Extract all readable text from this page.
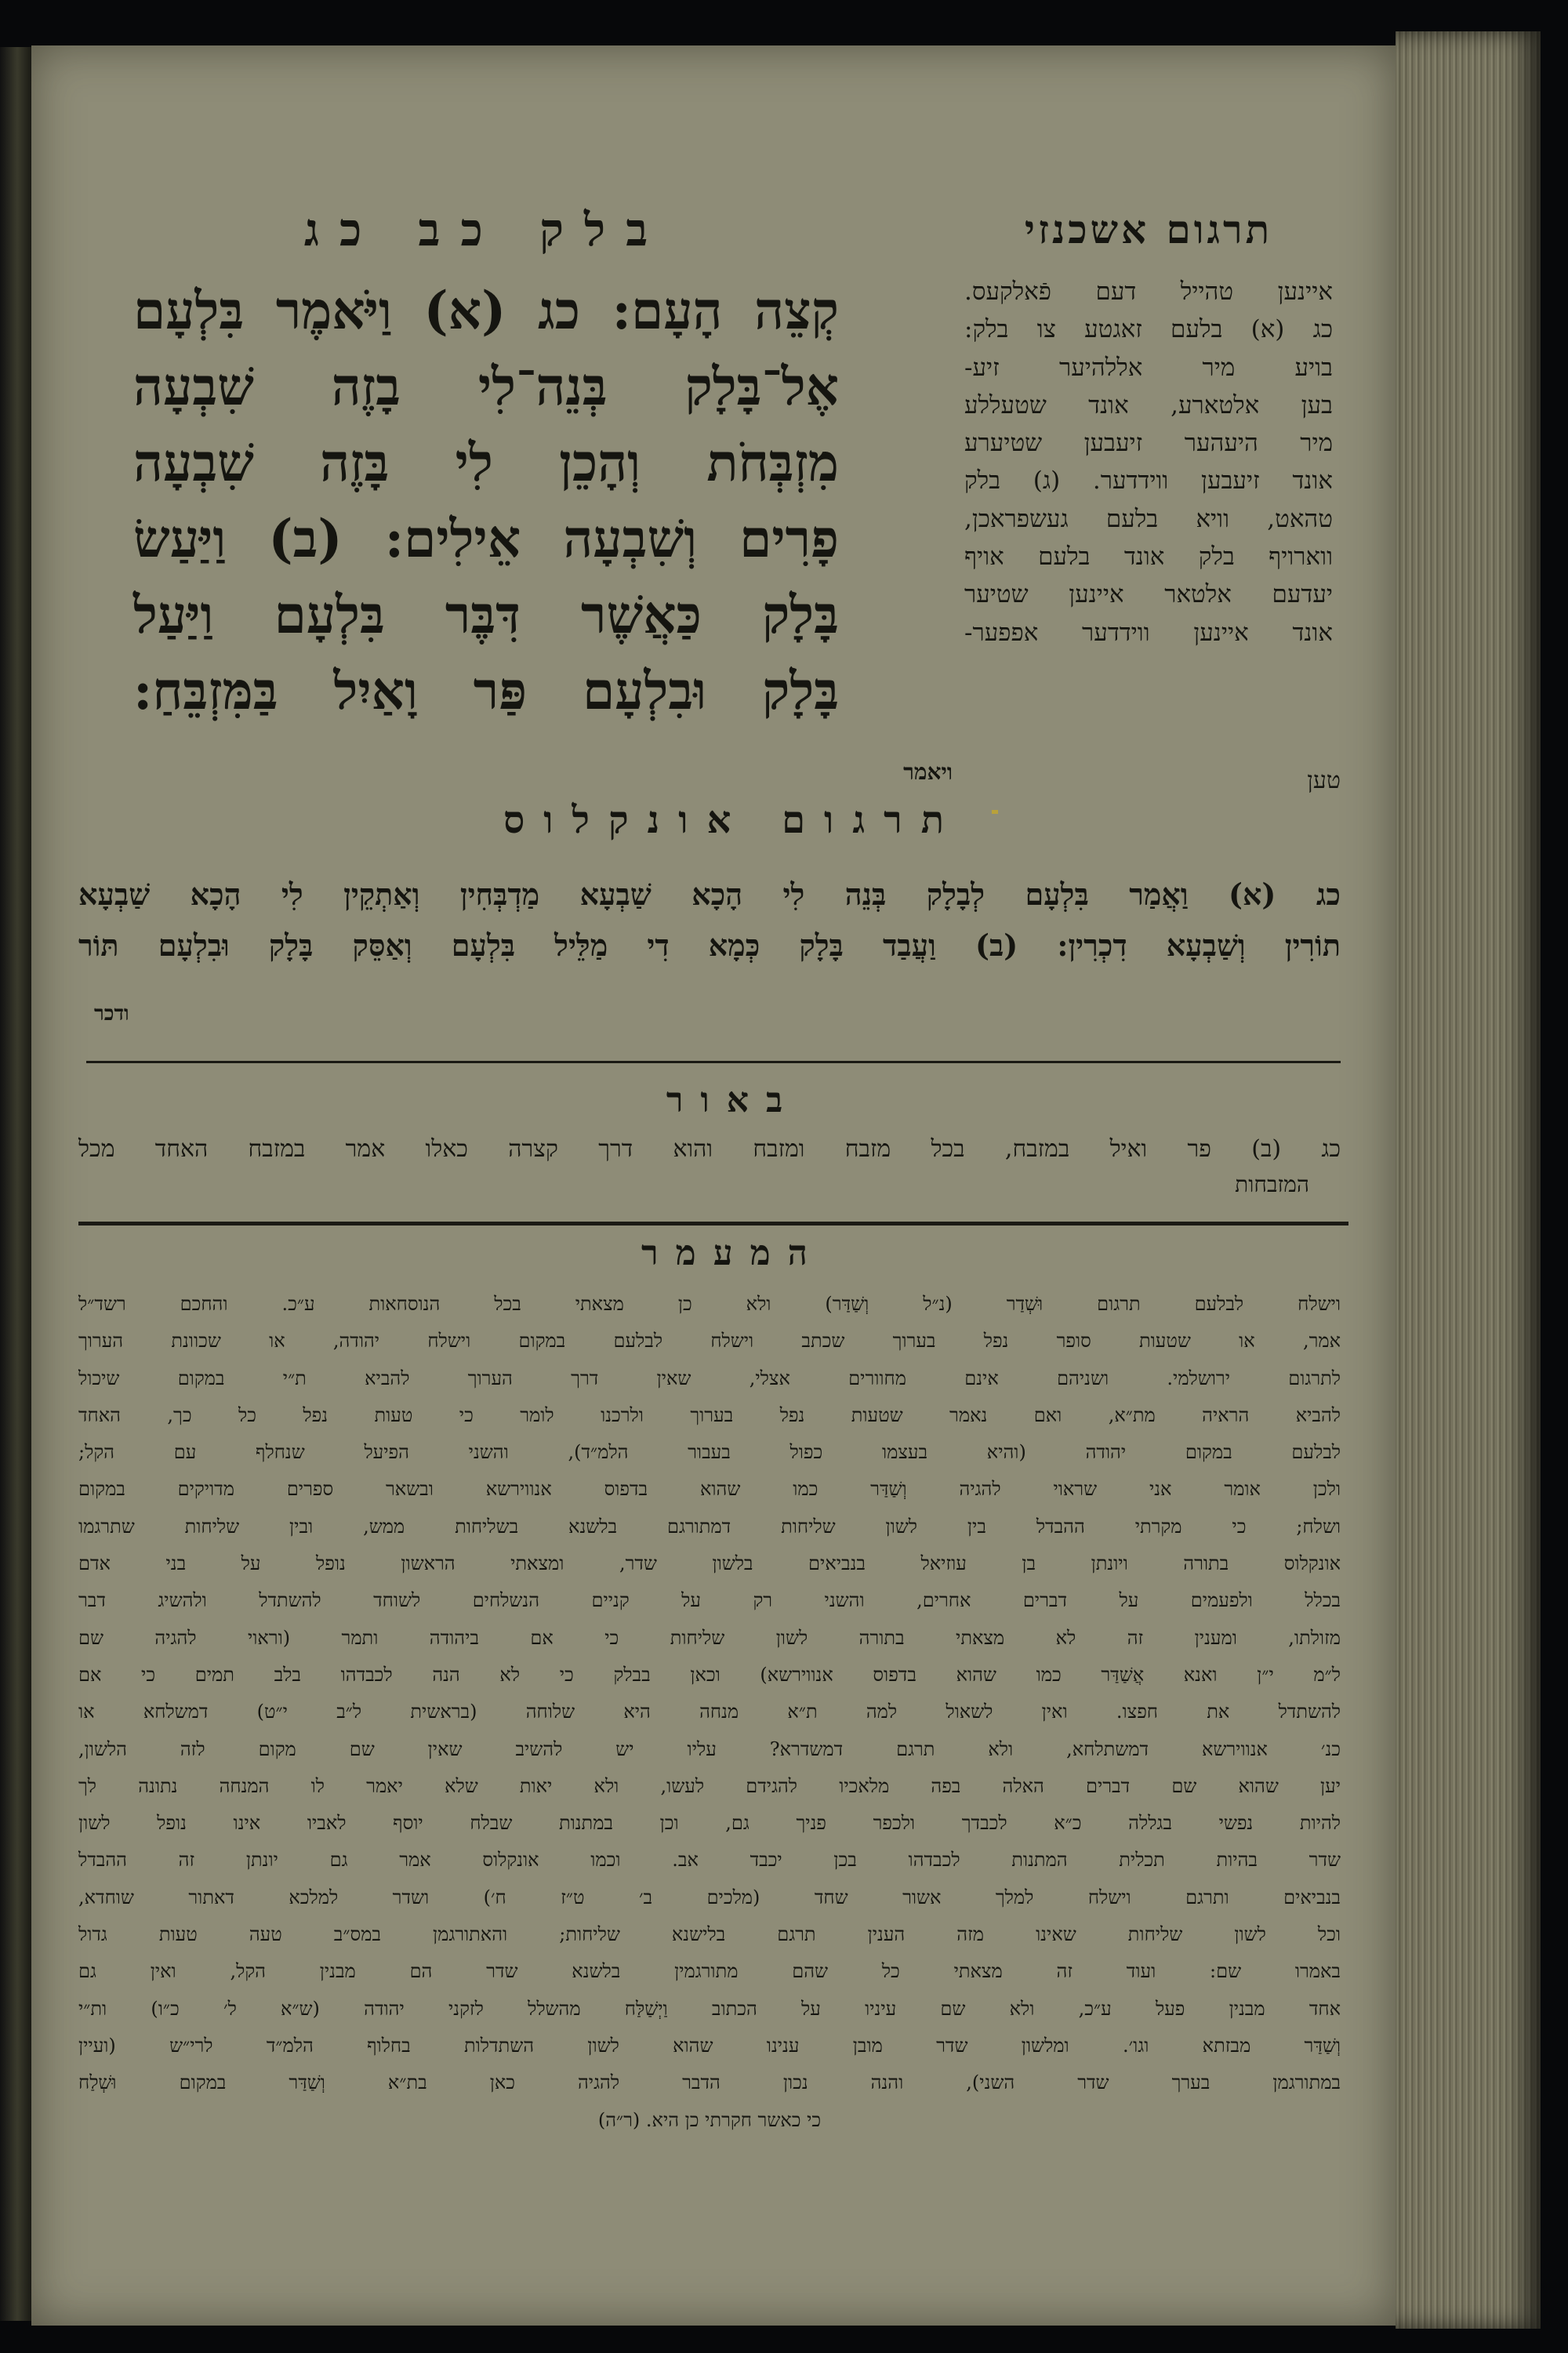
תרגום אשכנזי
איינען טהייל דעם פֿאלקעס.
כג (א) בלעם זאגטע צו בלק:
בויע מיר אללהיער זיע-
בען אלטארע, אונד שטעללע
מיר היעהער זיעבען שטיערע
אונד זיעבען ווידדער. (ג) בלק
טהאט, וויא בלעם געשפראכן,
ווארויף בלק אונד בלעם אויף
יעדעם אלטאר איינען שטיער
אונד איינען ווידדער אפפער-
טען
בלק כב כג
קְצֵה הָעָם: כג (א) וַיֹּאמֶר בִּלְעָם
אֶל־בָּלָק בְּנֵה־לִי בָזֶה שִׁבְעָה
מִזְבְּחֹת וְהָכֵן לִי בָּזֶה שִׁבְעָה
פָרִים וְשִׁבְעָה אֵילִים: (ב) וַיַּעַשׂ
בָּלָק כַּאֲשֶׁר דִּבֶּר בִּלְעָם וַיַּעַל
בָּלָק וּבִלְעָם פַּר וָאַיִל בַּמִּזְבֵּחַ:
ויאמר
תרגום אונקלוס
כג (א) וַאֲמַר בִּלְעָם לְבָלָק בְּנֵה לִי הָכָא שַׁבְעָא מַדְבְּחִין וְאַתְקֵין לִי הָכָא שַׁבְעָא
תוֹרִין וְשַׁבְעָא דִכְרִין: (ב) וַעֲבַד בָּלָק כְּמָא דִי מַלֵּיל בִּלְעָם וְאַסֵּק בָּלָק וּבִלְעָם תּוֹר
ודכר
באור
כג (ב) פר ואיל במזבח, בכל מזבח ומזבח והוא דרך קצרה כאלו אמר במזבח האחד מכל
המזבחות
המעמר
וישלח לבלעם תרגום וּשְׁדַר (נ״ל וְשַׁדַּר) ולא כן מצאתי בכל הנוסחאות ע״כ. והחכם רשד״ל
אמר, או שטעות סופר נפל בערוך שכתב וישלח לבלעם במקום וישלח יהודה, או שכוונת הערוך
לתרגום ירושלמי. ושניהם אינם מחוורים אצלי, שאין דרך הערוך להביא ת״י במקום שיכול
להביא הראיה מת״א, ואם נאמר שטעות נפל בערוך ולרכנו לומר כי טעות נפל כל כך, האחד
לבלעם במקום יהודה (והיא בעצמו כפול בעבור הלמ״ד), והשני הפיעל שנחלף עם הקל;
ולכן אומר אני שראוי להגיה וְשַׁדַּר כמו שהוא בדפוס אנווירשא ובשאר ספרים מדויקים במקום
ושלח; כי מקרתי ההבדל בין לשון שליחות דמתורגם בלשנא בשליחות ממש, ובין שליחות שתרגמו
אונקלוס בתורה ויונתן בן עוזיאל בנביאים בלשון שדר, ומצאתי הראשון נופל על בני אדם
בכלל ולפעמים על דברים אחרים, והשני רק על קניים הנשלחים לשוחד להשתדל ולהשיג דבר
מזולתו, ומענין זה לא מצאתי בתורה לשון שליחות כי אם ביהודה ותמר (וראוי להגיה שם
ל״מ י״ן ואנא אֲשַׁדַּר כמו שהוא בדפוס אנווירשא) וכאן בבלק כי לא הנה לכבדהו בלב תמים כי אם
להשתדל את חפצו. ואין לשאול למה ת״א מנחה היא שלוחה (בראשית ל״ב י״ט) דמשלחא או
כנ׳ אנווירשא דמשתלחא, ולא תרגם דמשדרא? עליו יש להשיב שאין שם מקום לזה הלשון,
יען שהוא שם דברים האלה בפה מלאכיו להגידם לעשו, ולא יאות שלא יאמר לו המנחה נתונה לך
להיות נפשי בגללה כ״א לכבדך ולכפר פניך גם, וכן במתנות שבלח יוסף לאביו אינו נופל לשון
שדר בהיות תכלית המתנות לכבדהו בכן יכבד אב. וכמו אונקלוס אמר גם יונתן זה ההבדל
בנביאים ותרגם וישלח למלך אשור שחד (מלכים ב׳ ט״ז ח׳) ושדר למלכא דאתור שוחדא,
וכל לשון שליחות שאינו מזה הענין תרגם בלישנא שליחות; והאתורגמן במס״ב טעה טעות גדול
באמרו שם: ועוד זה מצאתי כל שהם מתורגמין בלשנא שדר הם מבנין הקל, ואין גם
אחד מבנין פעל ע״כ, ולא שם עיניו על הכתוב וַיְשַׁלַּח מהשלל לזקני יהודה (ש״א ל׳ כ״ו) ות״י
וְשַׁדַּר מבזתא וגו׳. ומלשון שדר מובן ענינו שהוא לשון השתדלות בחלוף הלמ״ד לרי״ש (ועיין
במתורגמן בערך שדר השני), והנה נכון הדבר להגיה כאן בת״א וְשַׁדַּר במקום וּשְׁלַח
כי כאשר חקרתי כן היא. (ר״ה)
